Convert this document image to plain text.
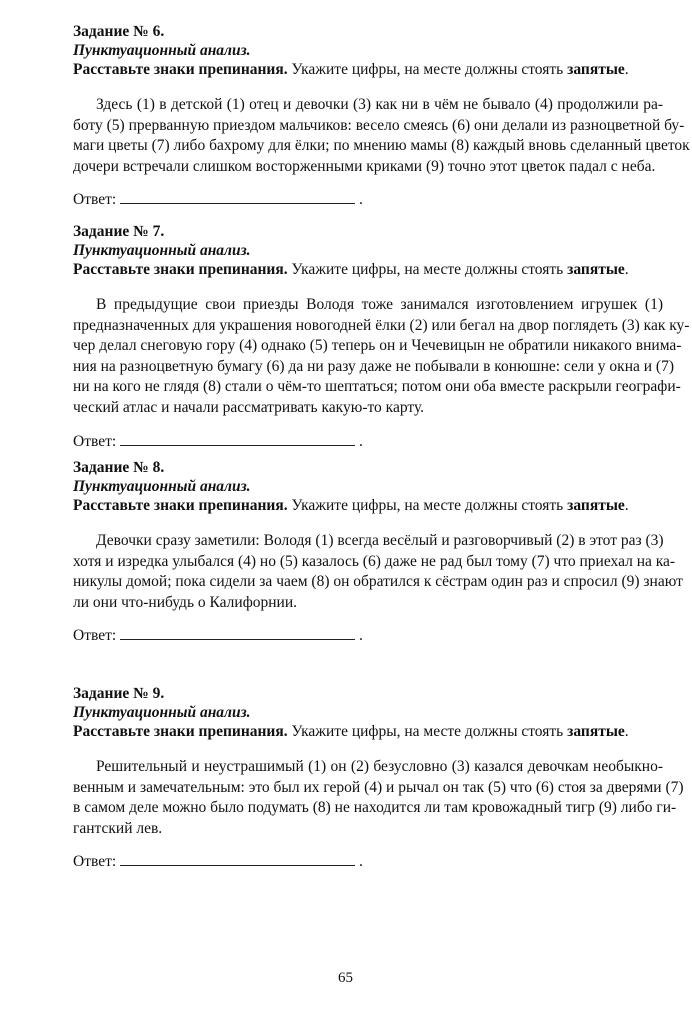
Задание № 6.
Пунктуационный анализ.
Расставьте знаки препинания. Укажите цифры, на месте должны стоять запятые.
Здесь (1) в детской (1) отец и девочки (3) как ни в чём не бывало (4) продолжили ра-
боту (5) прерванную приездом мальчиков: весело смеясь (6) они делали из разноцветной бу-
маги цветы (7) либо бахрому для ёлки; по мнению мамы (8) каждый вновь сделанный цветок
дочери встречали слишком восторженными криками (9) точно этот цветок падал с неба.
Ответ:	.
Задание № 7.
Пунктуационный анализ.
Расставьте знаки препинания. Укажите цифры, на месте должны стоять запятые.
В предыдущие свои приезды Володя тоже занимался изготовлением игрушек (1)
предназначенных для украшения новогодней ёлки (2) или бегал на двор поглядеть (3) как ку-
чер делал снеговую гору (4) однако (5) теперь он и Чечевицын не обратили никакого внима-
ния на разноцветную бумагу (6) да ни разу даже не побывали в конюшне: сели у окна и (7)
ни на кого не глядя (8) стали о чём-то шептаться; потом они оба вместе раскрыли географи-
ческий атлас и начали рассматривать какую-то карту.
Ответ:	.
Задание № 8.
Пунктуационный анализ.
Расставьте знаки препинания. Укажите цифры, на месте должны стоять запятые.
Девочки сразу заметили: Володя (1) всегда весёлый и разговорчивый (2) в этот раз (3)
хотя и изредка улыбался (4) но (5) казалось (6) даже не рад был тому (7) что приехал на ка-
никулы домой; пока сидели за чаем (8) он обратился к сёстрам один раз и спросил (9) знают
ли они что-нибудь о Калифорнии.
Ответ:	.
Задание № 9.
Пунктуационный анализ.
Расставьте знаки препинания. Укажите цифры, на месте должны стоять запятые.
Решительный и неустрашимый (1) он (2) безусловно (3) казался девочкам необыкно-
венным и замечательным: это был их герой (4) и рычал он так (5) что (6) стоя за дверями (7)
в самом деле можно было подумать (8) не находится ли там кровожадный тигр (9) либо ги-
гантский лев.
Ответ:	.
65
